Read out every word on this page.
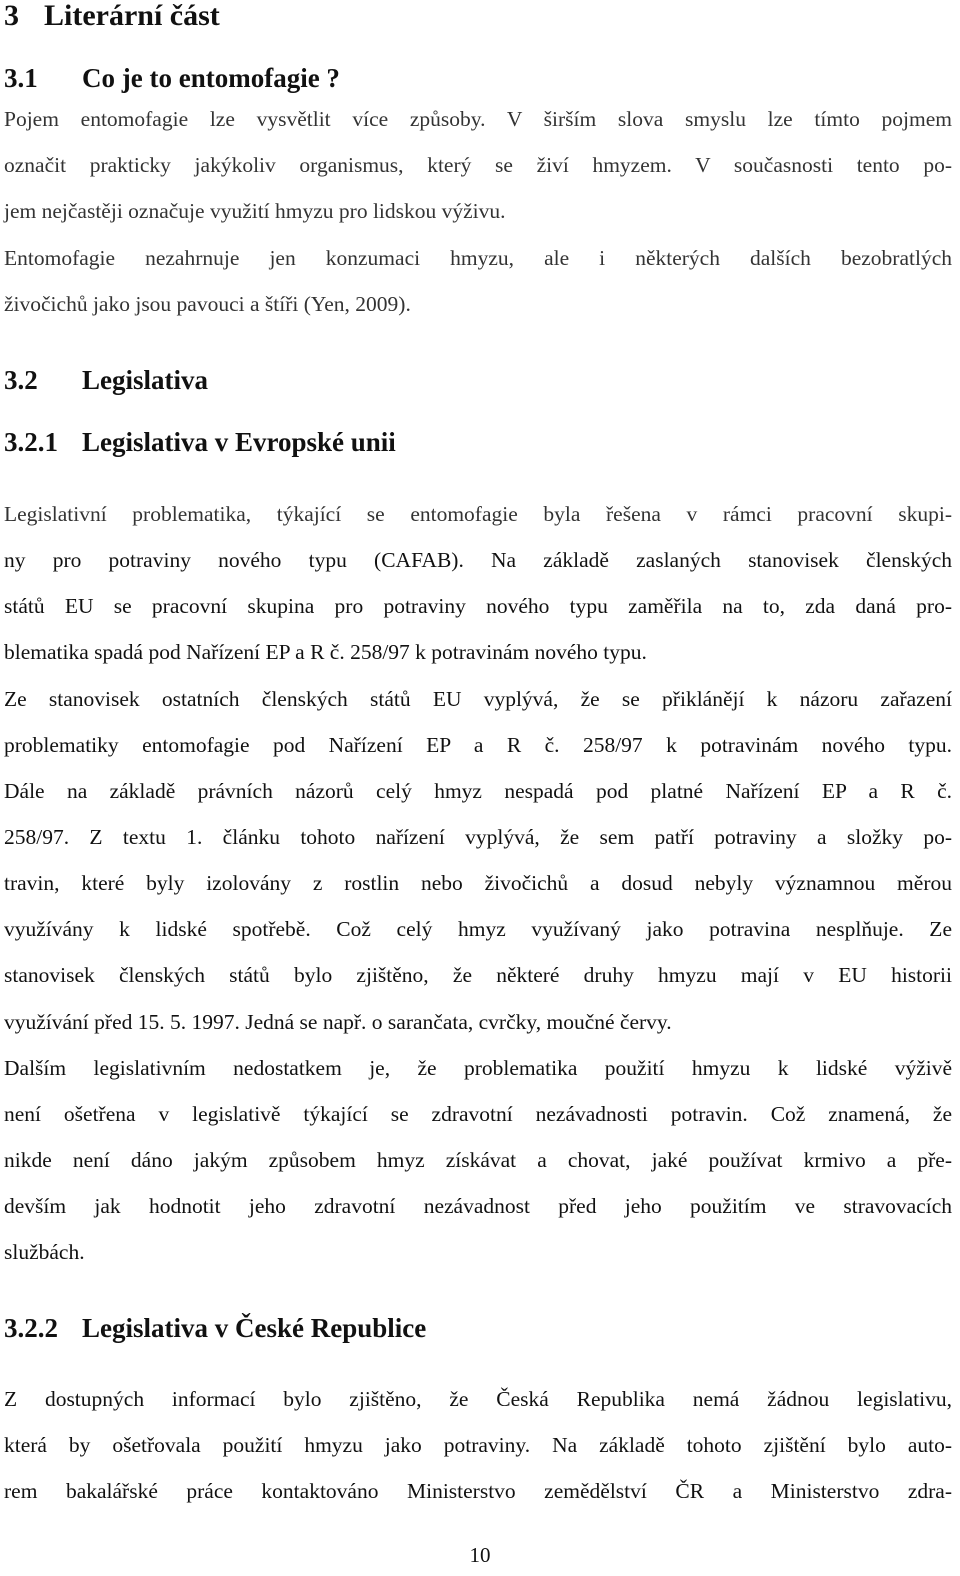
3 Literární část
3.1 Co je to entomofagie ?
Pojem entomofagie lze vysvětlit více způsoby. V širším slova smyslu lze tímto pojmem
označit prakticky jakýkoliv organismus, který se živí hmyzem. V současnosti tento po-
jem nejčastěji označuje využití hmyzu pro lidskou výživu.
Entomofagie nezahrnuje jen konzumaci hmyzu, ale i některých dalších bezobratlých
živočichů jako jsou pavouci a štíři (Yen, 2009).
3.2 Legislativa
3.2.1 Legislativa v Evropské unii
Legislativní problematika, týkající se entomofagie byla řešena v rámci pracovní skupi-
ny pro potraviny nového typu (CAFAB). Na základě zaslaných stanovisek členských
států EU se pracovní skupina pro potraviny nového typu zaměřila na to, zda daná pro-
blematika spadá pod Nařízení EP a R č. 258/97 k potravinám nového typu.
Ze stanovisek ostatních členských států EU vyplývá, že se přiklánějí k názoru zařazení
problematiky entomofagie pod Nařízení EP a R č. 258/97 k potravinám nového typu.
Dále na základě právních názorů celý hmyz nespadá pod platné Nařízení EP a R č.
258/97. Z textu 1. článku tohoto nařízení vyplývá, že sem patří potraviny a složky po-
travin, které byly izolovány z rostlin nebo živočichů a dosud nebyly významnou měrou
využívány k lidské spotřebě. Což celý hmyz využívaný jako potravina nesplňuje. Ze
stanovisek členských států bylo zjištěno, že některé druhy hmyzu mají v EU historii
využívání před 15. 5. 1997. Jedná se např. o sarančata, cvrčky, moučné červy.
Dalším legislativním nedostatkem je, že problematika použití hmyzu k lidské výživě
není ošetřena v legislativě týkající se zdravotní nezávadnosti potravin. Což znamená, že
nikde není dáno jakým způsobem hmyz získávat a chovat, jaké používat krmivo a pře-
devším jak hodnotit jeho zdravotní nezávadnost před jeho použitím ve stravovacích
službách.
3.2.2 Legislativa v České Republice
Z dostupných informací bylo zjištěno, že Česká Republika nemá žádnou legislativu,
která by ošetřovala použití hmyzu jako potraviny. Na základě tohoto zjištění bylo auto-
rem bakalářské práce kontaktováno Ministerstvo zemědělství ČR a Ministerstvo zdra-
10
